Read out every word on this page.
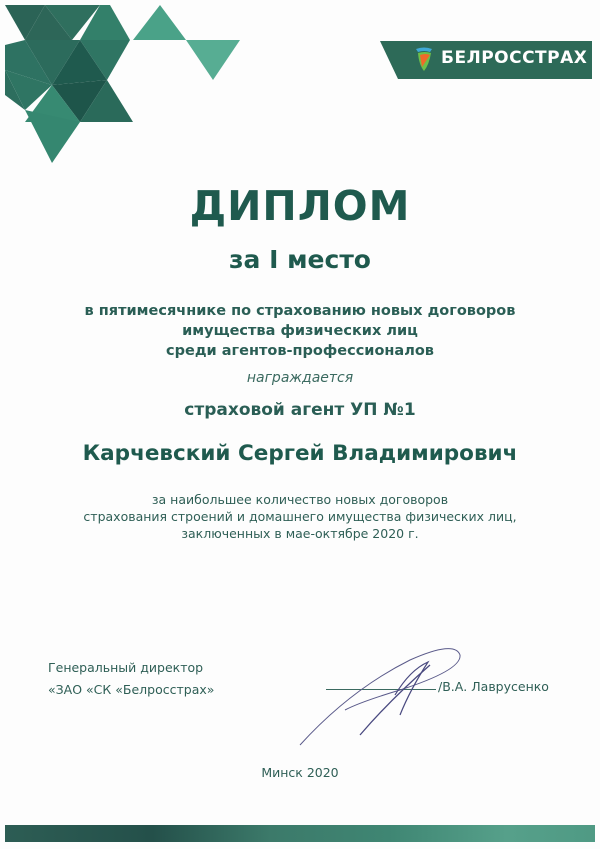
БЕЛРОССТРАХ
ДИПЛОМ
за I место
в пятимесячнике по страхованию новых договоров
имущества физических лиц
среди агентов-профессионалов
награждается
страховой агент УП №1
Карчевский Сергей Владимирович
за наибольшее количество новых договоров
страхования строений и домашнего имущества физических лиц,
заключенных в мае-октябре 2020 г.
Генеральный директор
«ЗАО «СК «Белросстрах»	/В.А. Лаврусенко
Минск 2020
